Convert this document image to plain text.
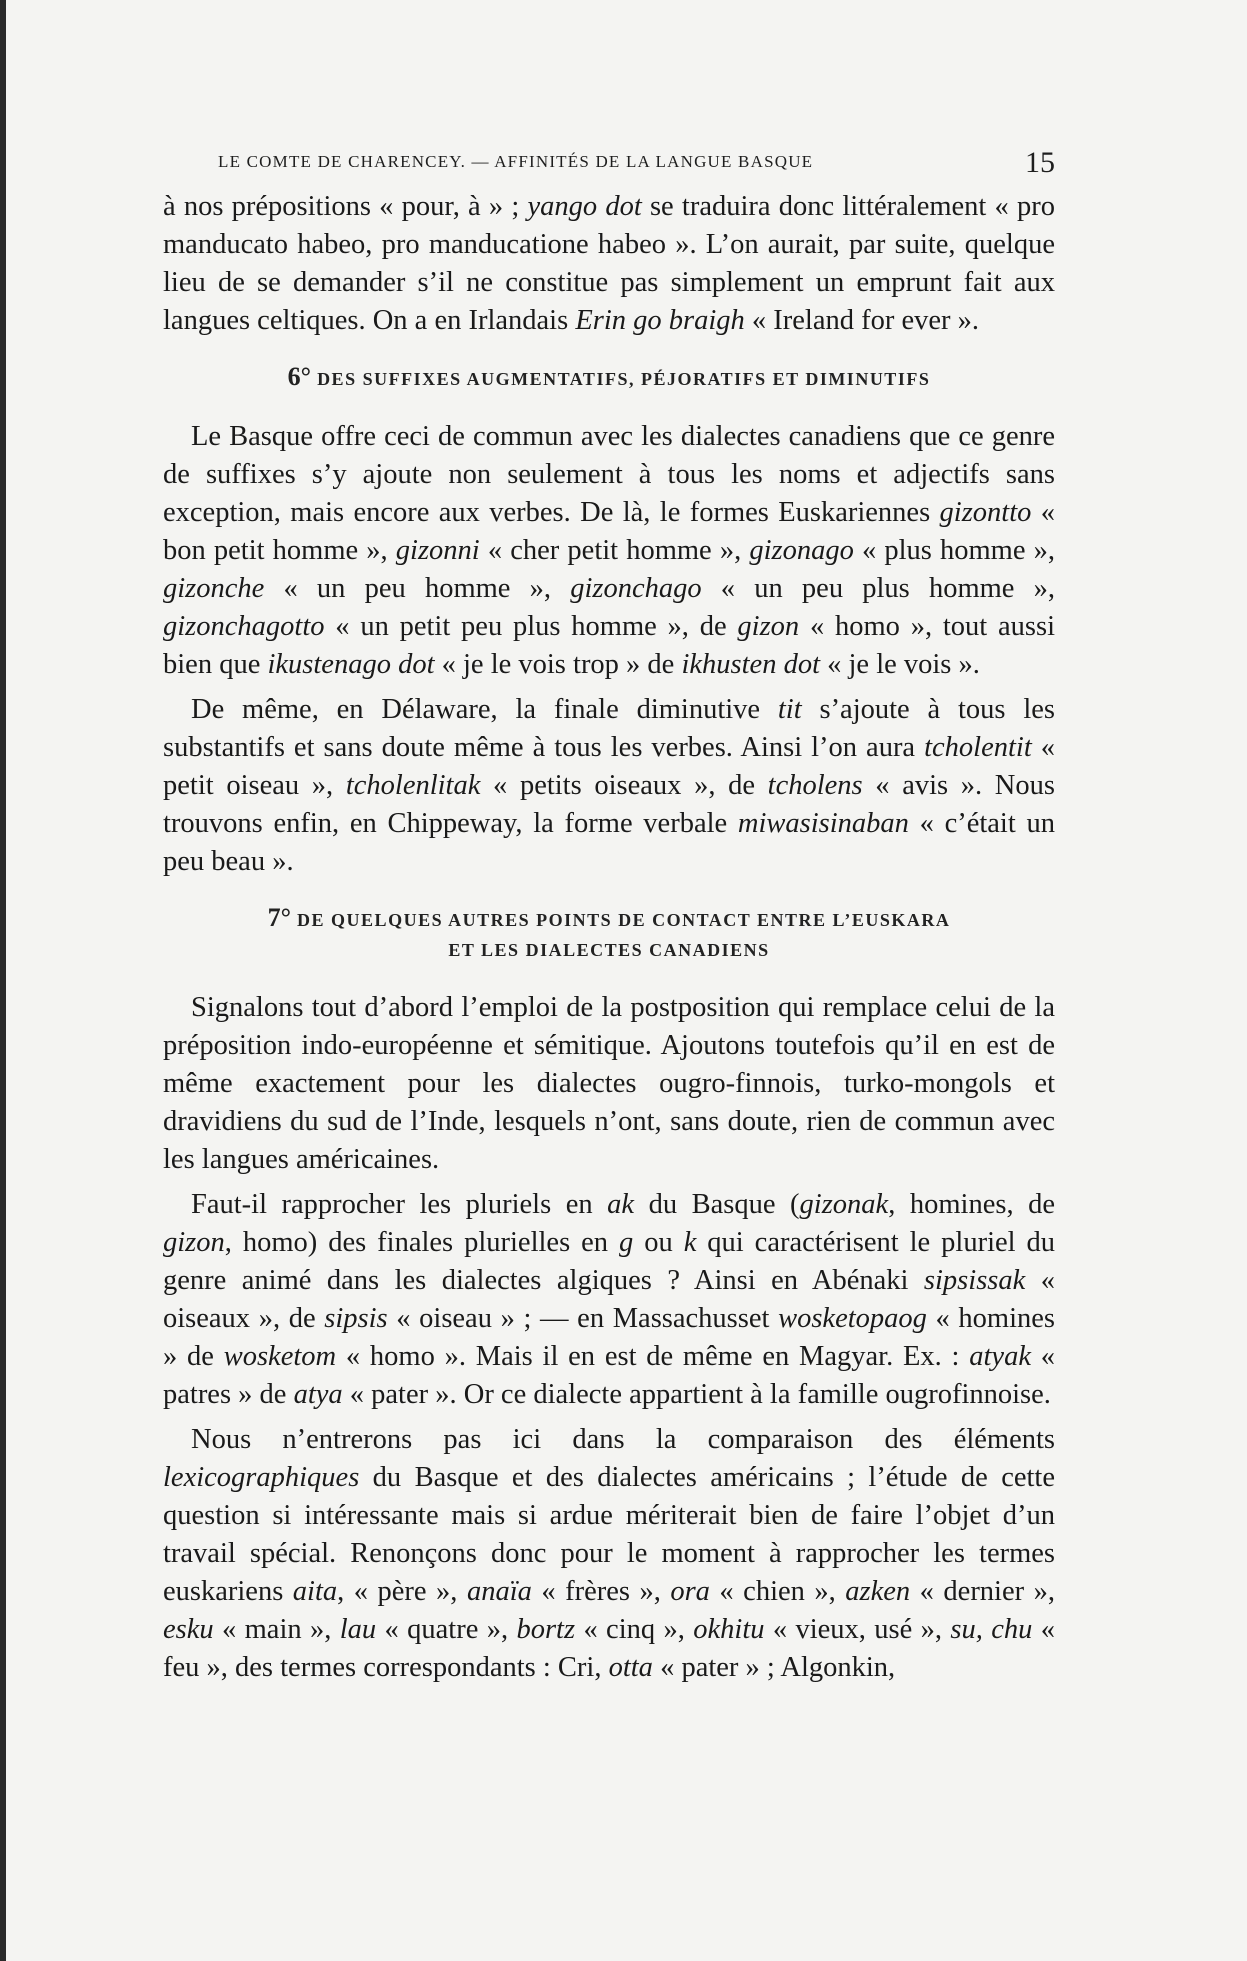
LE COMTE DE CHARENCEY. — AFFINITÉS DE LA LANGUE BASQUE	15

à nos prépositions « pour, à » ; yango dot se traduira donc littéralement « pro manducato habeo, pro manducatione habeo ». L’on aurait, par suite, quelque lieu de se demander s’il ne constitue pas simplement un emprunt fait aux langues celtiques. On a en Irlandais Erin go braigh « Ireland for ever ».

6° DES SUFFIXES AUGMENTATIFS, PÉJORATIFS ET DIMINUTIFS

Le Basque offre ceci de commun avec les dialectes canadiens que ce genre de suffixes s’y ajoute non seulement à tous les noms et adjectifs sans exception, mais encore aux verbes. De là, le formes Euskariennes gizontto « bon petit homme », gizonni « cher petit homme », gizonago « plus homme », gizonche « un peu homme », gizonchago « un peu plus homme », gizonchagotto « un petit peu plus homme », de gizon « homo », tout aussi bien que ikustenago dot « je le vois trop » de ikhusten dot « je le vois ».

De même, en Délaware, la finale diminutive tit s’ajoute à tous les substantifs et sans doute même à tous les verbes. Ainsi l’on aura tcholentit « petit oiseau », tcholenlitak « petits oiseaux », de tcholens « avis ». Nous trouvons enfin, en Chippeway, la forme verbale miwasisinaban « c’était un peu beau ».

7° DE QUELQUES AUTRES POINTS DE CONTACT ENTRE L’EUSKARA
ET LES DIALECTES CANADIENS

Signalons tout d’abord l’emploi de la postposition qui remplace celui de la préposition indo-européenne et sémitique. Ajoutons toutefois qu’il en est de même exactement pour les dialectes ougro-finnois, turko-mongols et dravidiens du sud de l’Inde, lesquels n’ont, sans doute, rien de commun avec les langues américaines.

Faut-il rapprocher les pluriels en ak du Basque (gizonak, homines, de gizon, homo) des finales plurielles en g ou k qui caractérisent le pluriel du genre animé dans les dialectes algiques ? Ainsi en Abénaki sipsissak « oiseaux », de sipsis « oiseau » ; — en Massachusset wosketopaog « homines » de wosketom « homo ». Mais il en est de même en Magyar. Ex. : atyak « patres » de atya « pater ». Or ce dialecte appartient à la famille ougrofinnoise.

Nous n’entrerons pas ici dans la comparaison des éléments lexicographiques du Basque et des dialectes américains ; l’étude de cette question si intéressante mais si ardue mériterait bien de faire l’objet d’un travail spécial. Renonçons donc pour le moment à rapprocher les termes euskariens aita, « père », anaïa « frères », ora « chien », azken « dernier », esku « main », lau « quatre », bortz « cinq », okhitu « vieux, usé », su, chu « feu », des termes correspondants : Cri, otta « pater » ; Algonkin,
